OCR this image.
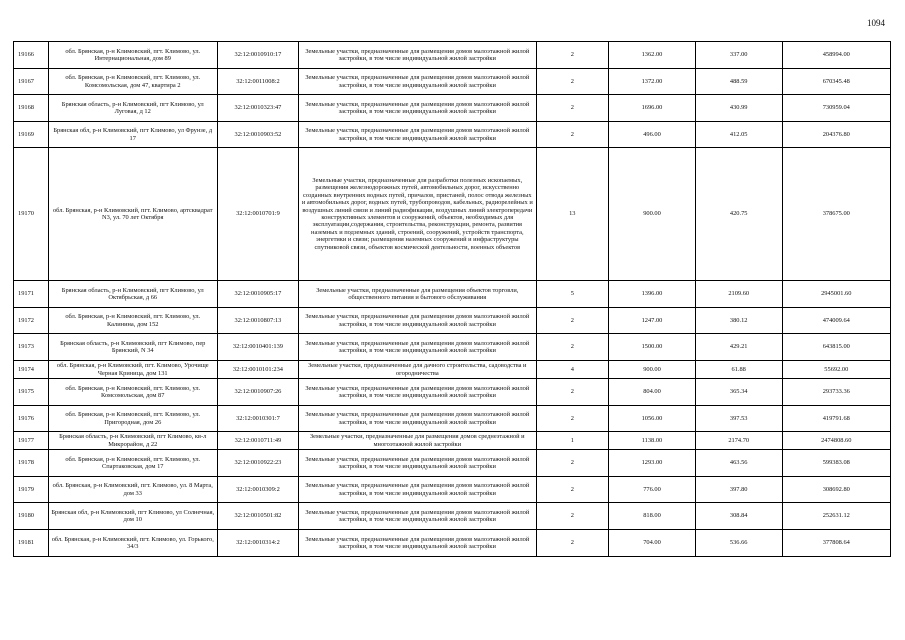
1094
19166	обл. Брянская, р-н Климовский, пгт. Климово, ул. Интернациональная, дом 89	32:12:0010910:17	Земельные участки, предназначенные для размещения домов малоэтажной жилой застройки, в том числе индивидуальной жилой застройки	2	1362.00	337.00	458994.00
19167	обл. Брянская, р-н Климовский, пгт. Климово, ул. Комсомольская, дом 47, квартира 2	32:12:0011008:2	Земельные участки, предназначенные для размещения домов малоэтажной жилой застройки, в том числе индивидуальной жилой застройки	2	1372.00	488.59	670345.48
19168	Брянская область, р-н Климовский, пгт Климово, ул Луговая, д 12	32:12:0010323:47	Земельные участки, предназначенные для размещения домов малоэтажной жилой застройки, в том числе индивидуальной жилой застройки	2	1696.00	430.99	730959.04
19169	Брянская обл, р-н Климовский, пгт Климово, ул Фрунзе, д 17	32:12:0010903:52	Земельные участки, предназначенные для размещения домов малоэтажной жилой застройки, в том числе индивидуальной жилой застройки	2	496.00	412.05	204376.80
19170	обл. Брянская, р-н Климовский, пгт. Климово, артсквадрат N3, ул. 70 лет Октября	32:12:0010701:9	Земельные участки, предназначенные для разработки полезных ископаемых, размещения железнодорожных путей, автомобильных дорог, искусственно созданных внутренних водных путей, причалов, пристаней, полос отвода железных и автомобильных дорог, водных путей, трубопроводов, кабельных, радиорелейных и воздушных линий связи и линий радиофикации, воздушных линий электропередачи конструктивных элементов и сооружений, объектов, необходимых для эксплуатации,содержания, строительства, реконструкции, ремонта, развития наземных и подземных зданий, строений, сооружений, устройств транспорта, энергетики и связи; размещения наземных сооружений и инфраструктуры спутниковой связи, объектов космической деятельности, военных объектов	13	900.00	420.75	378675.00
19171	Брянская область, р-н Климовский, пгт Климово, ул Октябрьская, д 66	32:12:0010905:17	Земельные участки, предназначенные для размещения объектов торговли, общественного питания и бытового обслуживания	5	1396.00	2109.60	2945001.60
19172	обл. Брянская, р-н Климовский, пгт. Климово, ул. Калинина, дом 152	32:12:0010807:13	Земельные участки, предназначенные для размещения домов малоэтажной жилой застройки, в том числе индивидуальной жилой застройки	2	1247.00	380.12	474009.64
19173	Брянская область, р-н Климовский, пгт Климово, пер Брянский, N 34	32:12:0010401:139	Земельные участки, предназначенные для размещения домов малоэтажной жилой застройки, в том числе индивидуальной жилой застройки	2	1500.00	429.21	643815.00
19174	обл. Брянская, р-н Климовский, пгт. Климово, Урочище Черная Криница, дом 131	32:12:0010101:234	Земельные участки, предназначенные для дачного строительства, садоводства и огородничества	4	900.00	61.88	55692.00
19175	обл. Брянская, р-н Климовский, пгт. Климово, ул. Комсомольская, дом 87	32:12:0010907:26	Земельные участки, предназначенные для размещения домов малоэтажной жилой застройки, в том числе индивидуальной жилой застройки	2	804.00	365.34	293733.36
19176	обл. Брянская, р-н Климовский, пгт. Климово, ул. Пригородная, дом 26	32:12:0010301:7	Земельные участки, предназначенные для размещения домов малоэтажной жилой застройки, в том числе индивидуальной жилой застройки	2	1056.00	397.53	419791.68
19177	Брянская область, р-н Климовский, пгт Климово, кв-л Микрорайон, д 22	32:12:0010711:49	Земельные участки, предназначенные для размещения домов среднеэтажной и многоэтажной жилой застройки	1	1138.00	2174.70	2474808.60
19178	обл. Брянская, р-н Климовский, пгт. Климово, ул. Спартаковская, дом 17	32:12:0010922:23	Земельные участки, предназначенные для размещения домов малоэтажной жилой застройки, в том числе индивидуальной жилой застройки	2	1293.00	463.56	599383.08
19179	обл. Брянская, р-н Климовский, пгт. Климово, ул. 8 Марта, дом 33	32:12:0010309:2	Земельные участки, предназначенные для размещения домов малоэтажной жилой застройки, в том числе индивидуальной жилой застройки	2	776.00	397.80	308692.80
19180	Брянская обл, р-н Климовский, пгт Климово, ул Солнечная, дом 10	32:12:0010501:82	Земельные участки, предназначенные для размещения домов малоэтажной жилой застройки, в том числе индивидуальной жилой застройки	2	818.00	308.84	252631.12
19181	обл. Брянская, р-н Климовский, пгт. Климово, ул. Горького, 34/3	32:12:0010314:2	Земельные участки, предназначенные для размещения домов малоэтажной жилой застройки, в том числе индивидуальной жилой застройки	2	704.00	536.66	377808.64
